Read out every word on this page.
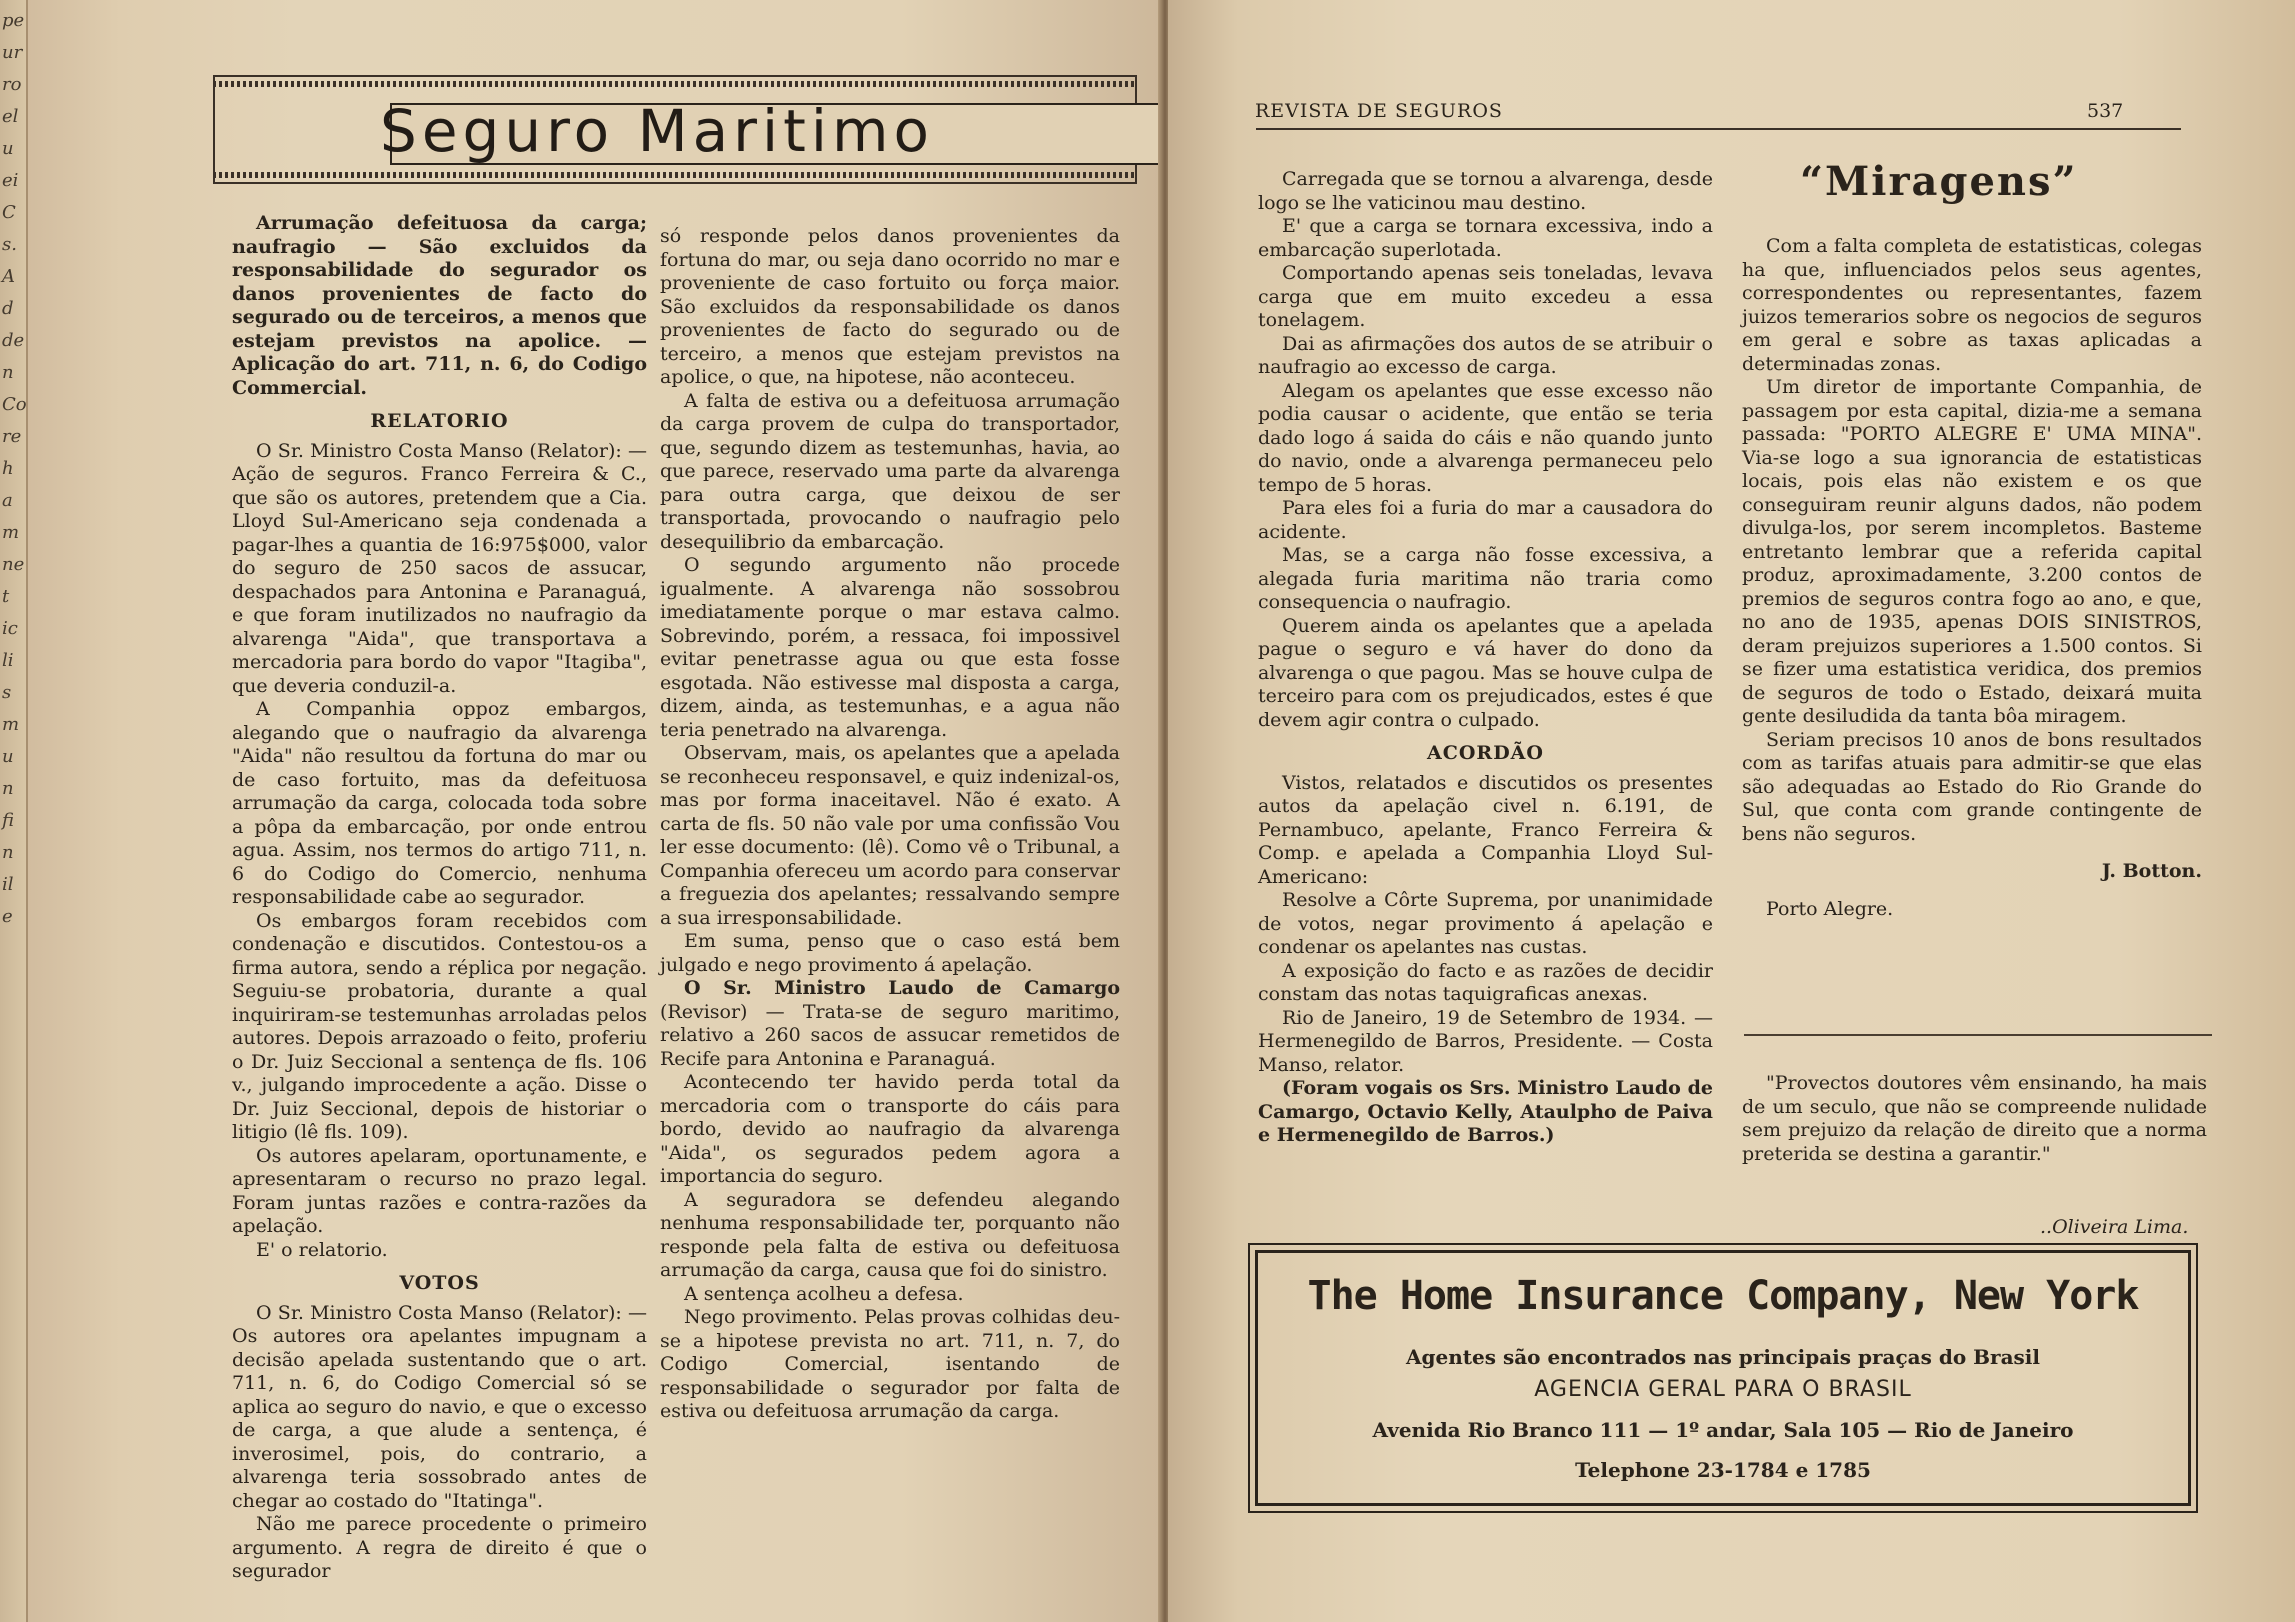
pe
ur
ro
el
u
ei
C
s.
A
d
de
n
Co
re
h
a
m
ne
t
ic
li
s
m
u
n
fi
n
il
e
Seguro Maritimo

Arrumação defeituosa da carga; naufragio — São excluidos da responsabilidade do segurador os danos provenientes de facto do segurado ou de terceiros, a menos que estejam previstos na apolice. — Aplicação do art. 711, n. 6, do Codigo Commercial.

RELATORIO

O Sr. Ministro Costa Manso (Relator): — Ação de seguros. Franco Ferreira & C., que são os autores, pretendem que a Cia. Lloyd Sul-Americano seja condenada a pagar-lhes a quantia de 16:975$000, valor do seguro de 250 sacos de assucar, despachados para Antonina e Paranaguá, e que foram inutilizados no naufragio da alvarenga "Aida", que transportava a mercadoria para bordo do vapor "Itagiba", que deveria conduzil-a.

A Companhia oppoz embargos, alegando que o naufragio da alvarenga "Aida" não resultou da fortuna do mar ou de caso fortuito, mas da defeituosa arrumação da carga, colocada toda sobre a pôpa da embarcação, por onde entrou agua. Assim, nos termos do artigo 711, n. 6 do Codigo do Comercio, nenhuma responsabilidade cabe ao segurador.

Os embargos foram recebidos com condenação e discutidos. Contestou-os a firma autora, sendo a réplica por negação. Seguiu-se probatoria, durante a qual inquiriram-se testemunhas arroladas pelos autores. Depois arrazoado o feito, proferiu o Dr. Juiz Seccional a sentença de fls. 106 v., julgando improcedente a ação. Disse o Dr. Juiz Seccional, depois de historiar o litigio (lê fls. 109).

Os autores apelaram, oportunamente, e apresentaram o recurso no prazo legal. Foram juntas razões e contra-razões da apelação.

E' o relatorio.

VOTOS

O Sr. Ministro Costa Manso (Relator): — Os autores ora apelantes impugnam a decisão apelada sustentando que o art. 711, n. 6, do Codigo Comercial só se aplica ao seguro do navio, e que o excesso de carga, a que alude a sentença, é inverosimel, pois, do contrario, a alvarenga teria sossobrado antes de chegar ao costado do "Itatinga".

Não me parece procedente o primeiro argumento. A regra de direito é que o segurador

só responde pelos danos provenientes da fortuna do mar, ou seja dano ocorrido no mar e proveniente de caso fortuito ou força maior. São excluidos da responsabilidade os danos provenientes de facto do segurado ou de terceiro, a menos que estejam previstos na apolice, o que, na hipotese, não aconteceu.

A falta de estiva ou a defeituosa arrumação da carga provem de culpa do transportador, que, segundo dizem as testemunhas, havia, ao que parece, reservado uma parte da alvarenga para outra carga, que deixou de ser transportada, provocando o naufragio pelo desequilibrio da embarcação.

O segundo argumento não procede igualmente. A alvarenga não sossobrou imediatamente porque o mar estava calmo. Sobrevindo, porém, a ressaca, foi impossivel evitar penetrasse agua ou que esta fosse esgotada. Não estivesse mal disposta a carga, dizem, ainda, as testemunhas, e a agua não teria penetrado na alvarenga.

Observam, mais, os apelantes que a apelada se reconheceu responsavel, e quiz indenizal-os, mas por forma inaceitavel. Não é exato. A carta de fls. 50 não vale por uma confissão Vou ler esse documento: (lê). Como vê o Tribunal, a Companhia ofereceu um acordo para conservar a freguezia dos apelantes; ressalvando sempre a sua irresponsabilidade.

Em suma, penso que o caso está bem julgado e nego provimento á apelação.

O Sr. Ministro Laudo de Camargo (Revisor) — Trata-se de seguro maritimo, relativo a 260 sacos de assucar remetidos de Recife para Antonina e Paranaguá.

Acontecendo ter havido perda total da mercadoria com o transporte do cáis para bordo, devido ao naufragio da alvarenga "Aida", os segurados pedem agora a importancia do seguro.

A seguradora se defendeu alegando nenhuma responsabilidade ter, porquanto não responde pela falta de estiva ou defeituosa arrumação da carga, causa que foi do sinistro.

A sentença acolheu a defesa.

Nego provimento. Pelas provas colhidas deu-se a hipotese prevista no art. 711, n. 7, do Codigo Comercial, isentando de responsabilidade o segurador por falta de estiva ou defeituosa arrumação da carga.

REVISTA DE SEGUROS	537

Carregada que se tornou a alvarenga, desde logo se lhe vaticinou mau destino.

E' que a carga se tornara excessiva, indo a embarcação superlotada.

Comportando apenas seis toneladas, levava carga que em muito excedeu a essa tonelagem.

Dai as afirmações dos autos de se atribuir o naufragio ao excesso de carga.

Alegam os apelantes que esse excesso não podia causar o acidente, que então se teria dado logo á saida do cáis e não quando junto do navio, onde a alvarenga permaneceu pelo tempo de 5 horas.

Para eles foi a furia do mar a causadora do acidente.

Mas, se a carga não fosse excessiva, a alegada furia maritima não traria como consequencia o naufragio.

Querem ainda os apelantes que a apelada pague o seguro e vá haver do dono da alvarenga o que pagou. Mas se houve culpa de terceiro para com os prejudicados, estes é que devem agir contra o culpado.

ACORDÃO

Vistos, relatados e discutidos os presentes autos da apelação civel n. 6.191, de Pernambuco, apelante, Franco Ferreira & Comp. e apelada a Companhia Lloyd Sul-Americano:

Resolve a Côrte Suprema, por unanimidade de votos, negar provimento á apelação e condenar os apelantes nas custas.

A exposição do facto e as razões de decidir constam das notas taquigraficas anexas.

Rio de Janeiro, 19 de Setembro de 1934. — Hermenegildo de Barros, Presidente. — Costa Manso, relator.

(Foram vogais os Srs. Ministro Laudo de Camargo, Octavio Kelly, Ataulpho de Paiva e Hermenegildo de Barros.)

“Miragens”

Com a falta completa de estatisticas, colegas ha que, influenciados pelos seus agentes, correspondentes ou representantes, fazem juizos temerarios sobre os negocios de seguros em geral e sobre as taxas aplicadas a determinadas zonas.

Um diretor de importante Companhia, de passagem por esta capital, dizia-me a semana passada: "PORTO ALEGRE E' UMA MINA". Via-se logo a sua ignorancia de estatisticas locais, pois elas não existem e os que conseguiram reunir alguns dados, não podem divulga-los, por serem incompletos. Basteme entretanto lembrar que a referida capital produz, aproximadamente, 3.200 contos de premios de seguros contra fogo ao ano, e que, no ano de 1935, apenas DOIS SINISTROS, deram prejuizos superiores a 1.500 contos. Si se fizer uma estatistica veridica, dos premios de seguros de todo o Estado, deixará muita gente desiludida da tanta bôa miragem.

Seriam precisos 10 anos de bons resultados com as tarifas atuais para admitir-se que elas são adequadas ao Estado do Rio Grande do Sul, que conta com grande contingente de bens não seguros.

J. Botton.

Porto Alegre.

"Provectos doutores vêm ensinando, ha mais de um seculo, que não se compreende nulidade sem prejuizo da relação de direito que a norma preterida se destina a garantir."

..Oliveira Lima.
The Home Insurance Company, New York
Agentes são encontrados nas principais praças do Brasil
AGENCIA GERAL PARA O BRASIL
Avenida Rio Branco 111 — 1º andar, Sala 105 — Rio de Janeiro
Telephone 23-1784 e 1785
